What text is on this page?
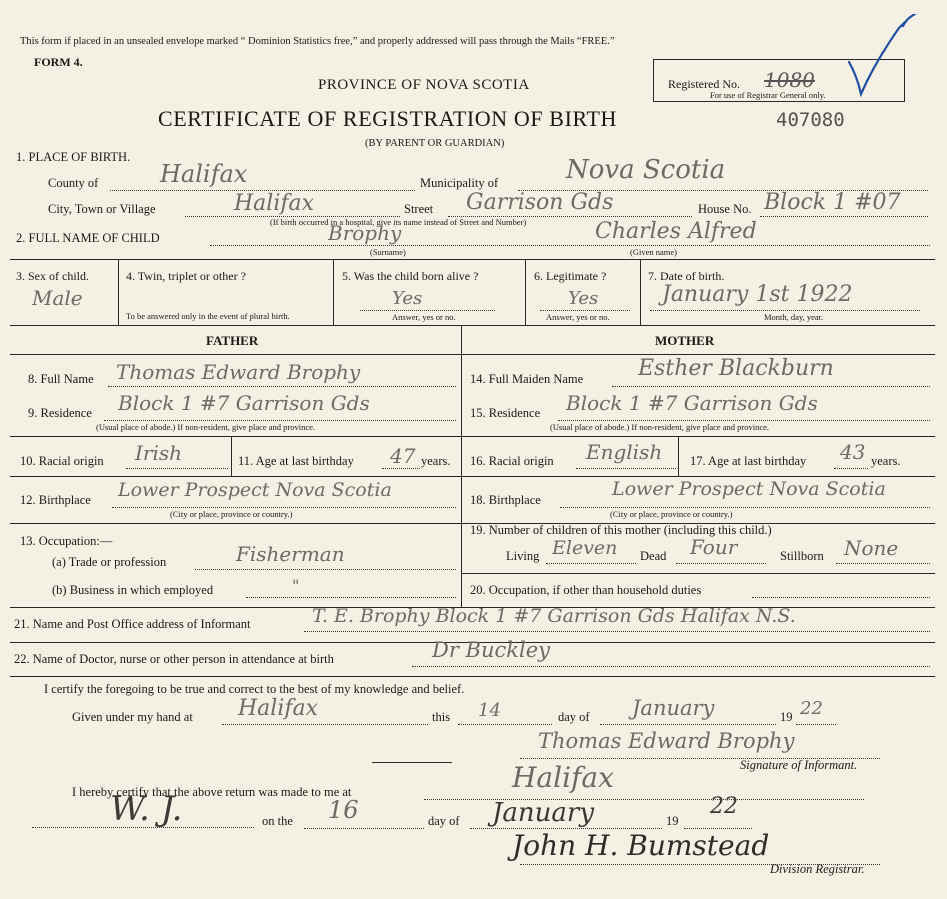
This form if placed in an unsealed envelope marked “ Dominion Statistics free,” and properly addressed will pass through the Mails “FREE.”
FORM 4.
PROVINCE OF NOVA SCOTIA
CERTIFICATE OF REGISTRATION OF BIRTH	407080
(BY PARENT OR GUARDIAN)
Registered No. 1080
For use of Registrar General only.
1. PLACE OF BIRTH.
County of	Halifax	Municipality of	Nova Scotia
City, Town or Village	Halifax	Street Garrison Gds	House No. Block 1 #07
(If birth occurred in a hospital, give its name instead of Street and Number)
2. FULL NAME OF CHILD	Brophy	Charles Alfred
(Surname)	(Given name)
3. Sex of child.
Male
4. Twin, triplet or other ?
To be answered only in the event of plural birth.
5. Was the child born alive ?
Yes
Answer, yes or no.
6. Legitimate ?
Yes
Answer, yes or no.
7. Date of birth.
January 1st 1922
Month, day, year.
FATHER	MOTHER
8. Full Name Thomas Edward Brophy
9. Residence Block 1 #7 Garrison Gds
(Usual place of abode.) If non-resident, give place and province.
10. Racial origin Irish	11. Age at last birthday 47 years.
12. Birthplace Lower Prospect Nova Scotia
(City or place, province or country.)
13. Occupation:—
(a) Trade or profession	Fisherman
(b) Business in which employed	"
14. Full Maiden Name Esther Blackburn
15. Residence Block 1 #7 Garrison Gds
(Usual place of abode.) If non-resident, give place and province.
16. Racial origin English 17. Age at last birthday 43 years.
18. Birthplace	Lower Prospect Nova Scotia
(City or place, province or country.)
19. Number of children of this mother (including this child.)
Living Eleven Dead Four	Stillborn None
20. Occupation, if other than household duties
21. Name and Post Office address of Informant	T. E. Brophy Block 1 #7 Garrison Gds Halifax N.S.
22. Name of Doctor, nurse or other person in attendance at birth	Dr Buckley
I certify the foregoing to be true and correct to the best of my knowledge and belief.
Given under my hand at Halifax	this 14	day of January	19 22
Thomas Edward Brophy
Signature of Informant.
I hereby certify that the above return was made to me at	Halifax
W. J.	on the 16	day of January	19
22
John H. Bumstead
Division Registrar.
